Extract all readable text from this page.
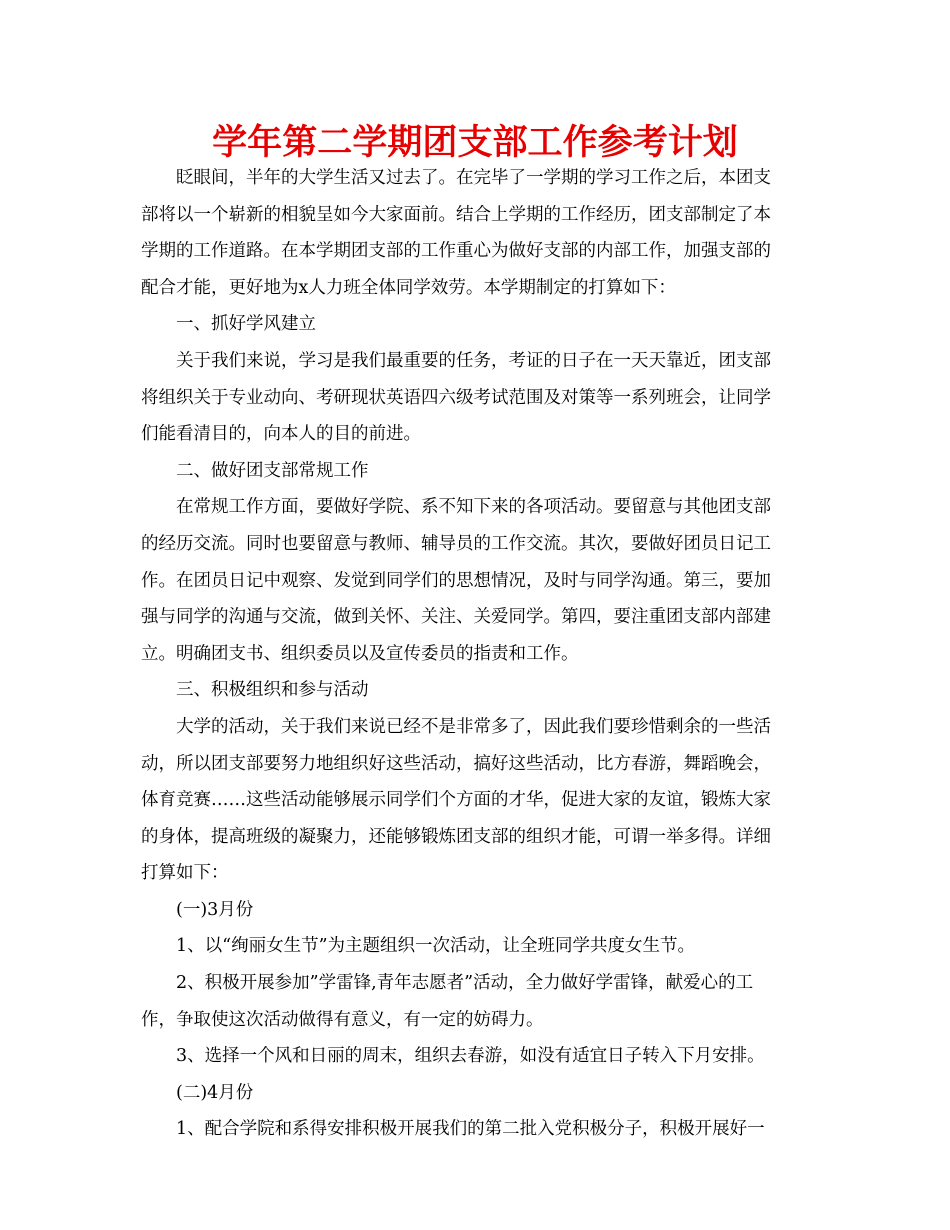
学年第二学期团支部工作参考计划
眨眼间，半年的大学生活又过去了。在完毕了一学期的学习工作之后，本团支
部将以一个崭新的相貌呈如今大家面前。结合上学期的工作经历，团支部制定了本
学期的工作道路。在本学期团支部的工作重心为做好支部的内部工作，加强支部的
配合才能，更好地为x人力班全体同学效劳。本学期制定的打算如下：
一、抓好学风建立
关于我们来说，学习是我们最重要的任务，考证的日子在一天天靠近，团支部
将组织关于专业动向、考研现状英语四六级考试范围及对策等一系列班会，让同学
们能看清目的，向本人的目的前进。
二、做好团支部常规工作
在常规工作方面，要做好学院、系不知下来的各项活动。要留意与其他团支部
的经历交流。同时也要留意与教师、辅导员的工作交流。其次，要做好团员日记工
作。在团员日记中观察、发觉到同学们的思想情况，及时与同学沟通。第三，要加
强与同学的沟通与交流，做到关怀、关注、关爱同学。第四，要注重团支部内部建
立。明确团支书、组织委员以及宣传委员的指责和工作。
三、积极组织和参与活动
大学的活动，关于我们来说已经不是非常多了，因此我们要珍惜剩余的一些活
动，所以团支部要努力地组织好这些活动，搞好这些活动，比方春游，舞蹈晚会，
体育竞赛……这些活动能够展示同学们个方面的才华，促进大家的友谊，锻炼大家
的身体，提高班级的凝聚力，还能够锻炼团支部的组织才能，可谓一举多得。详细
打算如下：
(一)3月份
1、以“绚丽女生节”为主题组织一次活动，让全班同学共度女生节。
2、积极开展参加”学雷锋,青年志愿者”活动，全力做好学雷锋，献爱心的工
作，争取使这次活动做得有意义，有一定的妨碍力。
3、选择一个风和日丽的周末，组织去春游，如没有适宜日子转入下月安排。
(二)4月份
1、配合学院和系得安排积极开展我们的第二批入党积极分子，积极开展好一
